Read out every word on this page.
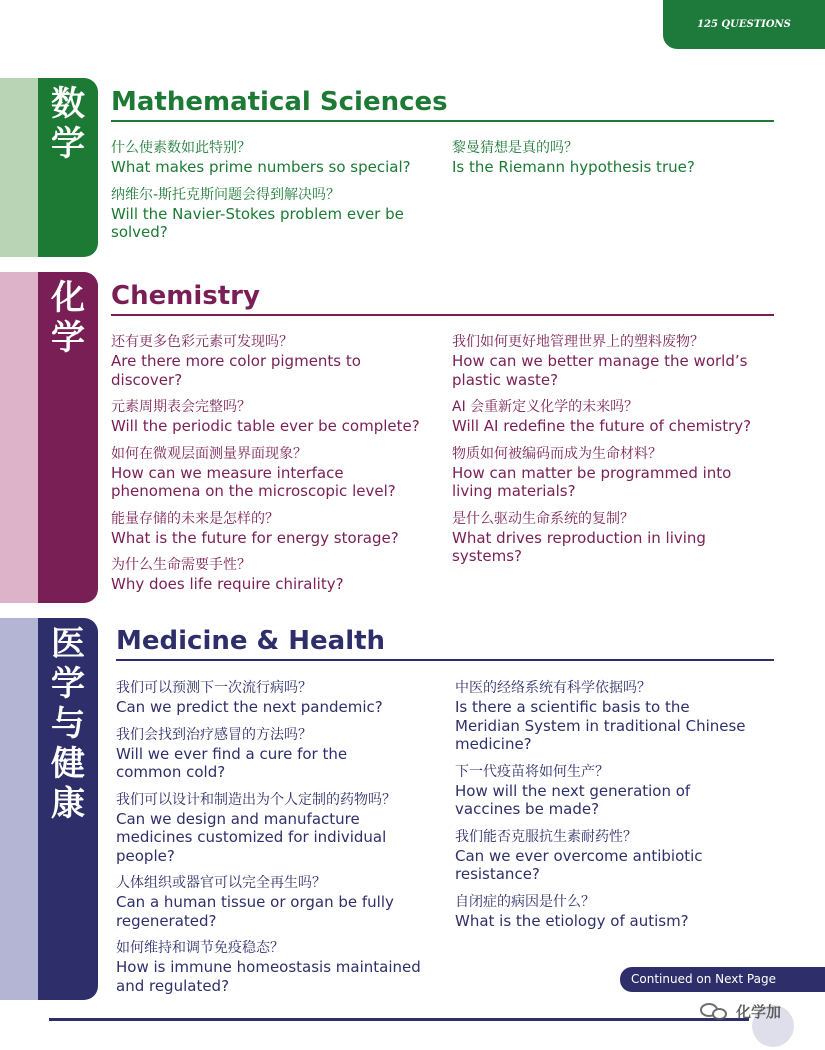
125 QUESTIONS
数
学
Mathematical Sciences
什么使素数如此特别？
What makes prime numbers so special?
纳维尔-斯托克斯问题会得到解决吗？
Will the Navier-Stokes problem ever be solved?
黎曼猜想是真的吗？
Is the Riemann hypothesis true?
化
学
Chemistry
还有更多色彩元素可发现吗？
Are there more color pigments to discover?
元素周期表会完整吗？
Will the periodic table ever be complete?
如何在微观层面测量界面现象？
How can we measure interface phenomena on the microscopic level?
能量存储的未来是怎样的？
What is the future for energy storage?
为什么生命需要手性？
Why does life require chirality?
我们如何更好地管理世界上的塑料废物？
How can we better manage the world’s plastic waste?
AI 会重新定义化学的未来吗？
Will AI redefine the future of chemistry?
物质如何被编码而成为生命材料？
How can matter be programmed into living materials?
是什么驱动生命系统的复制？
What drives reproduction in living systems?
医
学
与
健
康
Medicine & Health
我们可以预测下一次流行病吗？
Can we predict the next pandemic?
我们会找到治疗感冒的方法吗？
Will we ever find a cure for the common cold?
我们可以设计和制造出为个人定制的药物吗？
Can we design and manufacture medicines customized for individual people?
人体组织或器官可以完全再生吗？
Can a human tissue or organ be fully regenerated?
如何维持和调节免疫稳态？
How is immune homeostasis maintained and regulated?
中医的经络系统有科学依据吗？
Is there a scientific basis to the Meridian System in traditional Chinese medicine?
下一代疫苗将如何生产？
How will the next generation of vaccines be made?
我们能否克服抗生素耐药性？
Can we ever overcome antibiotic resistance?
自闭症的病因是什么？
What is the etiology of autism?
Continued on Next Page
化学加
